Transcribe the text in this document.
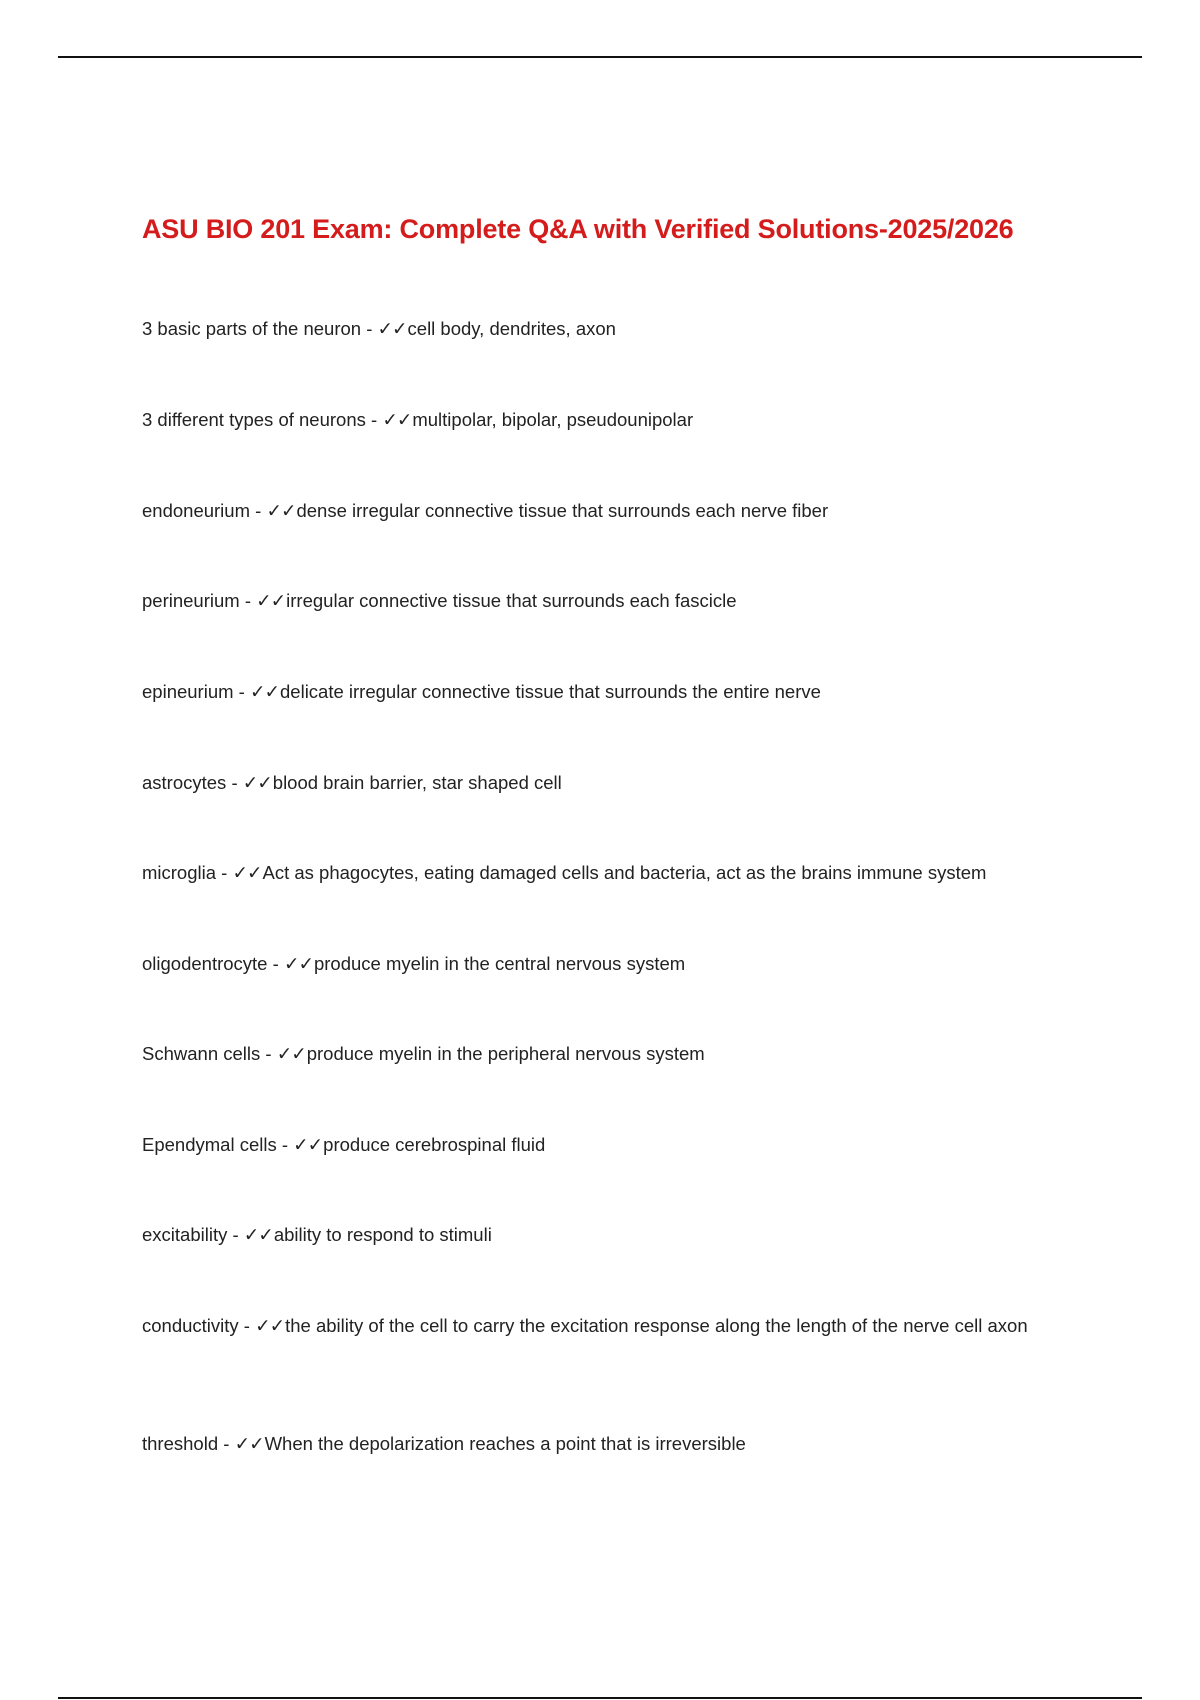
ASU BIO 201 Exam: Complete Q&A with Verified Solutions-2025/2026
3 basic parts of the neuron - ✓✓cell body, dendrites, axon
3 different types of neurons - ✓✓multipolar, bipolar, pseudounipolar
endoneurium - ✓✓dense irregular connective tissue that surrounds each nerve fiber
perineurium - ✓✓irregular connective tissue that surrounds each fascicle
epineurium - ✓✓delicate irregular connective tissue that surrounds the entire nerve
astrocytes - ✓✓blood brain barrier, star shaped cell
microglia - ✓✓Act as phagocytes, eating damaged cells and bacteria, act as the brains immune system
oligodentrocyte - ✓✓produce myelin in the central nervous system
Schwann cells - ✓✓produce myelin in the peripheral nervous system
Ependymal cells - ✓✓produce cerebrospinal fluid
excitability - ✓✓ability to respond to stimuli
conductivity - ✓✓the ability of the cell to carry the excitation response along the length of the nerve cell axon
threshold - ✓✓When the depolarization reaches a point that is irreversible
